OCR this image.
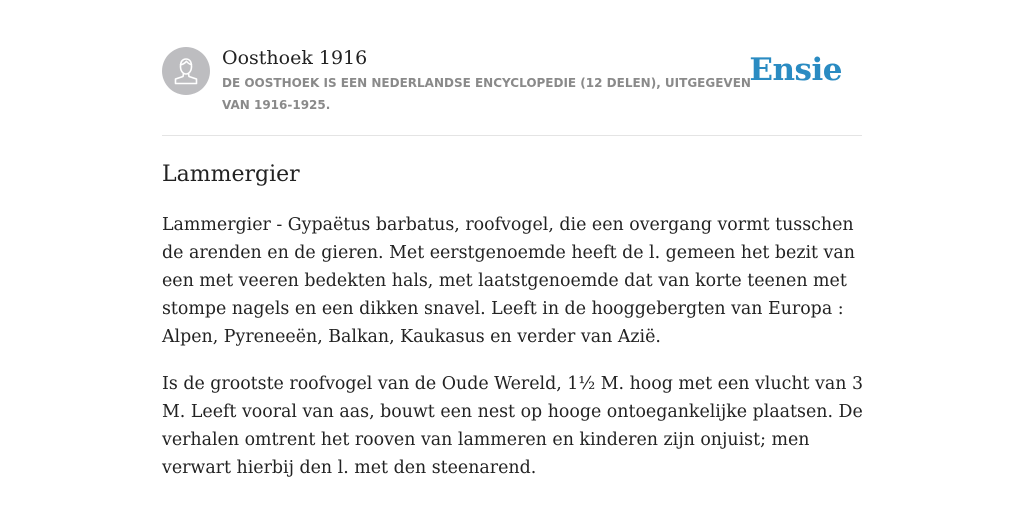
Oosthoek 1916
DE OOSTHOEK IS EEN NEDERLANDSE ENCYCLOPEDIE (12 DELEN), UITGEGEVEN VAN 1916-1925.
Ensie
Lammergier

Lammergier - Gypaëtus barbatus, roofvogel, die een overgang vormt tusschen de arenden en de gieren. Met eerstgenoemde heeft de l. gemeen het bezit van een met veeren bedekten hals, met laatstgenoemde dat van korte teenen met stompe nagels en een dikken snavel. Leeft in de hooggebergten van Europa : Alpen, Pyreneeën, Balkan, Kaukasus en verder van Azië.

Is de grootste roofvogel van de Oude Wereld, 1½ M. hoog met een vlucht van 3 M. Leeft vooral van aas, bouwt een nest op hooge ontoegankelijke plaatsen. De verhalen omtrent het rooven van lammeren en kinderen zijn onjuist; men verwart hierbij den l. met den steenarend.
